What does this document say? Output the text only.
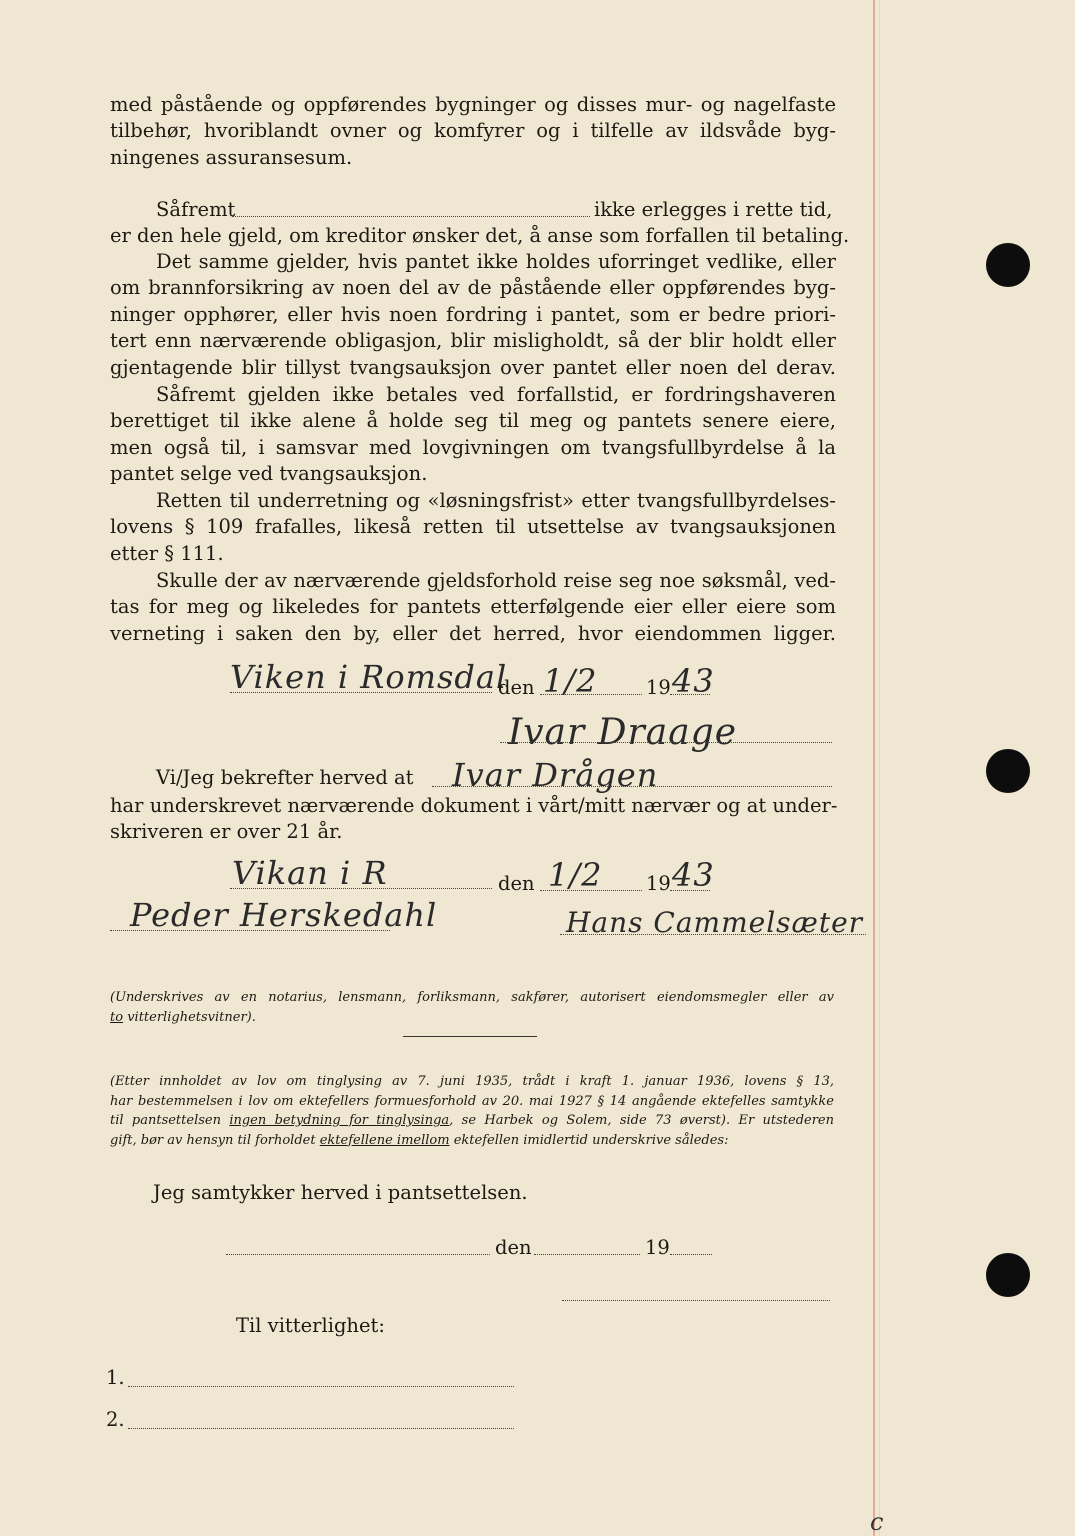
med påstående og oppførendes bygninger og disses mur- og nagelfaste
tilbehør, hvoriblandt ovner og komfyrer og i tilfelle av ildsvåde byg-
ningenes assuransesum.
Såfremt	ikke erlegges i rette tid,
er den hele gjeld, om kreditor ønsker det, å anse som forfallen til betaling.
Det samme gjelder, hvis pantet ikke holdes uforringet vedlike, eller
om brannforsikring av noen del av de påstående eller oppførendes byg-
ninger opphører, eller hvis noen fordring i pantet, som er bedre priori-
tert enn nærværende obligasjon, blir misligholdt, så der blir holdt eller
gjentagende blir tillyst tvangsauksjon over pantet eller noen del derav.
Såfremt gjelden ikke betales ved forfallstid, er fordringshaveren
berettiget til ikke alene å holde seg til meg og pantets senere eiere,
men også til, i samsvar med lovgivningen om tvangsfullbyrdelse å la
pantet selge ved tvangsauksjon.
Retten til underretning og «løsningsfrist» etter tvangsfullbyrdelses-
lovens § 109 frafalles, likeså retten til utsettelse av tvangsauksjonen
etter § 111.
Skulle der av nærværende gjeldsforhold reise seg noe søksmål, ved-
tas for meg og likeledes for pantets etterfølgende eier eller eiere som
verneting i saken den by, eller det herred, hvor eiendommen ligger.
Viken i Romsdal
den 1/2 19 43
Ivar Draage
Vi/Jeg bekrefter herved at Ivar Drågen
har underskrevet nærværende dokument i vårt/mitt nærvær og at under-
skriveren er over 21 år.
Vikan i R	den 1/2 19 43
Peder Herskedahl	Hans Cammelsæter
(Underskrives av en notarius, lensmann, forliksmann, sakfører, autorisert eiendomsmegler eller av
to vitterlighetsvitner).
(Etter innholdet av lov om tinglysing av 7. juni 1935, trådt i kraft 1. januar 1936, lovens § 13,
har bestemmelsen i lov om ektefellers formuesforhold av 20. mai 1927 § 14 angående ektefelles samtykke
til pantsettelsen ingen betydning for tinglysinga, se Harbek og Solem, side 73 øverst). Er utstederen
gift, bør av hensyn til forholdet ektefellene imellom ektefellen imidlertid underskrive således:
Jeg samtykker herved i pantsettelsen.
den	19
Til vitterlighet:
1.
2.
c
